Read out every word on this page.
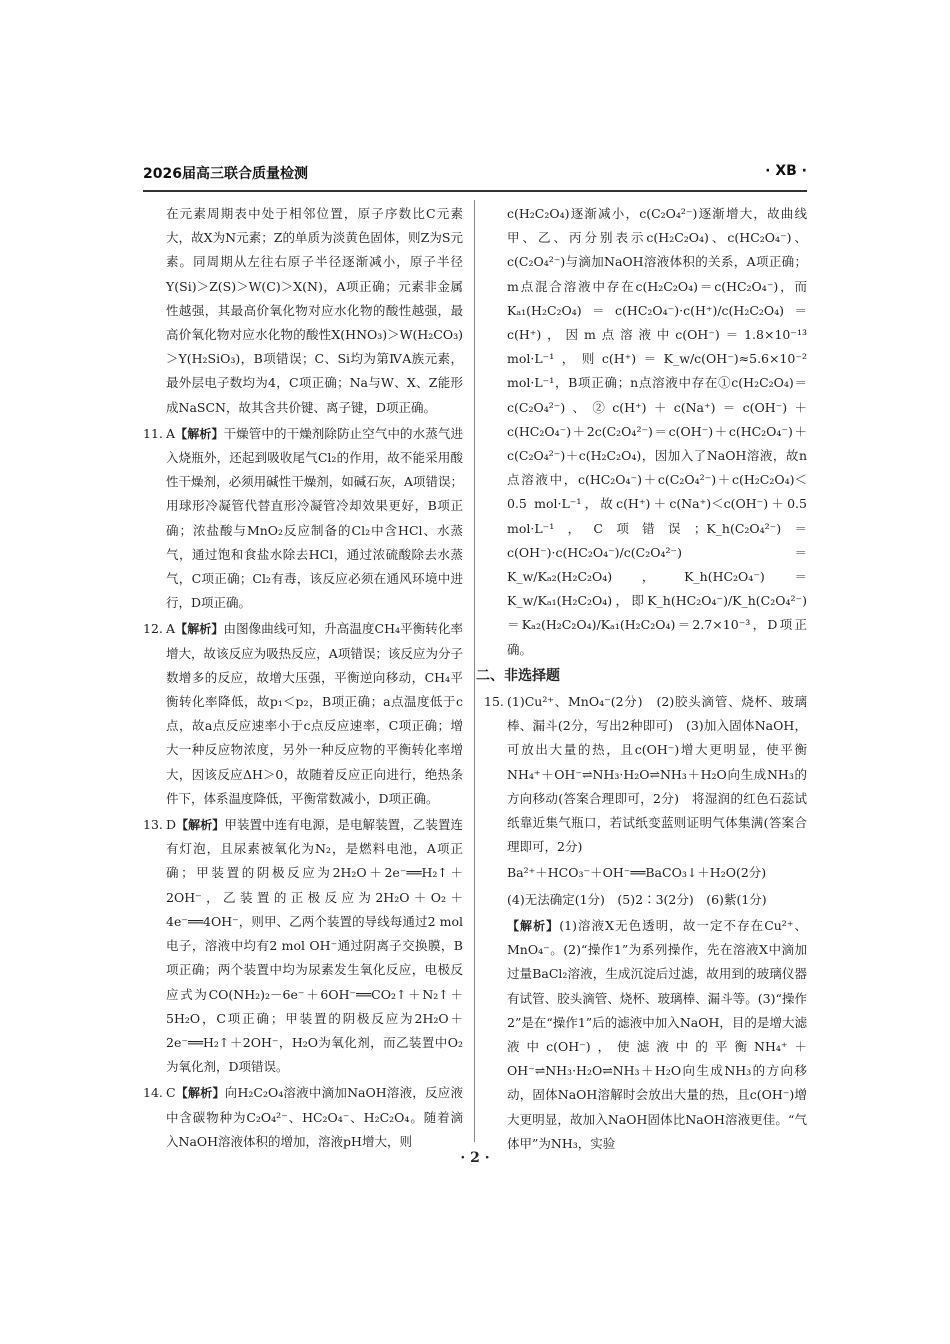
2026届高三联合质量检测	· XB ·

在元素周期表中处于相邻位置，原子序数比C元素大，故X为N元素；Z的单质为淡黄色固体，则Z为S元素。同周期从左往右原子半径逐渐减小，原子半径Y(Si)＞Z(S)＞W(C)＞X(N)，A项正确；元素非金属性越强，其最高价氧化物对应水化物的酸性越强，最高价氧化物对应水化物的酸性X(HNO₃)＞W(H₂CO₃)＞Y(H₂SiO₃)，B项错误；C、Si均为第ⅣA族元素，最外层电子数均为4，C项正确；Na与W、X、Z能形成NaSCN，故其含共价键、离子键，D项正确。

11. A【解析】干燥管中的干燥剂除防止空气中的水蒸气进入烧瓶外，还起到吸收尾气Cl₂的作用，故不能采用酸性干燥剂，必须用碱性干燥剂，如碱石灰，A项错误；用球形冷凝管代替直形冷凝管冷却效果更好，B项正确；浓盐酸与MnO₂反应制备的Cl₂中含HCl、水蒸气，通过饱和食盐水除去HCl，通过浓硫酸除去水蒸气，C项正确；Cl₂有毒，该反应必须在通风环境中进行，D项正确。
12. A【解析】由图像曲线可知，升高温度CH₄平衡转化率增大，故该反应为吸热反应，A项错误；该反应为分子数增多的反应，故增大压强，平衡逆向移动，CH₄平衡转化率降低，故p₁＜p₂，B项正确；a点温度低于c点，故a点反应速率小于c点反应速率，C项正确；增大一种反应物浓度，另外一种反应物的平衡转化率增大，因该反应ΔH＞0，故随着反应正向进行，绝热条件下，体系温度降低，平衡常数减小，D项正确。
13. D【解析】甲装置中连有电源，是电解装置，乙装置连有灯泡，且尿素被氧化为N₂，是燃料电池，A项正确；甲装置的阴极反应为2H₂O＋2e⁻══H₂↑＋2OH⁻，乙装置的正极反应为2H₂O＋O₂＋4e⁻══4OH⁻，则甲、乙两个装置的导线每通过2 mol电子，溶液中均有2 mol OH⁻通过阴离子交换膜，B项正确；两个装置中均为尿素发生氧化反应，电极反应式为CO(NH₂)₂－6e⁻＋6OH⁻══CO₂↑＋N₂↑＋5H₂O，C项正确；甲装置的阴极反应为2H₂O＋2e⁻══H₂↑＋2OH⁻，H₂O为氧化剂，而乙装置中O₂为氧化剂，D项错误。
14. C【解析】向H₂C₂O₄溶液中滴加NaOH溶液，反应液中含碳物种为C₂O₄²⁻、HC₂O₄⁻、H₂C₂O₄。随着滴入NaOH溶液体积的增加，溶液pH增大，则

c(H₂C₂O₄)逐渐减小，c(C₂O₄²⁻)逐渐增大，故曲线甲、乙、丙分别表示c(H₂C₂O₄)、c(HC₂O₄⁻)、c(C₂O₄²⁻)与滴加NaOH溶液体积的关系，A项正确；m点混合溶液中存在c(H₂C₂O₄)＝c(HC₂O₄⁻)，而Kₐ₁(H₂C₂O₄)＝c(HC₂O₄⁻)·c(H⁺)/c(H₂C₂O₄)＝c(H⁺)，因m点溶液中c(OH⁻)＝1.8×10⁻¹³ mol·L⁻¹，则c(H⁺)＝K_w/c(OH⁻)≈5.6×10⁻² mol·L⁻¹，B项正确；n点溶液中存在①c(H₂C₂O₄)＝c(C₂O₄²⁻)、②c(H⁺)＋c(Na⁺)＝c(OH⁻)＋c(HC₂O₄⁻)＋2c(C₂O₄²⁻)＝c(OH⁻)＋c(HC₂O₄⁻)＋c(C₂O₄²⁻)＋c(H₂C₂O₄)，因加入了NaOH溶液，故n点溶液中，c(HC₂O₄⁻)＋c(C₂O₄²⁻)＋c(H₂C₂O₄)＜0.5 mol·L⁻¹，故c(H⁺)＋c(Na⁺)＜c(OH⁻)＋0.5 mol·L⁻¹，C项错误；K_h(C₂O₄²⁻)＝c(OH⁻)·c(HC₂O₄⁻)/c(C₂O₄²⁻)＝K_w/Kₐ₂(H₂C₂O₄)，K_h(HC₂O₄⁻)＝K_w/Kₐ₁(H₂C₂O₄)，即K_h(HC₂O₄⁻)/K_h(C₂O₄²⁻)＝Kₐ₂(H₂C₂O₄)/Kₐ₁(H₂C₂O₄)＝2.7×10⁻³，D项正确。

二、非选择题
15. (1)Cu²⁺、MnO₄⁻(2分)　(2)胶头滴管、烧杯、玻璃棒、漏斗(2分，写出2种即可)　(3)加入固体NaOH，可放出大量的热，且c(OH⁻)增大更明显，使平衡NH₄⁺＋OH⁻⇌NH₃·H₂O⇌NH₃＋H₂O向生成NH₃的方向移动(答案合理即可，2分)　将湿润的红色石蕊试纸靠近集气瓶口，若试纸变蓝则证明气体集满(答案合理即可，2分)

Ba²⁺＋HCO₃⁻＋OH⁻══BaCO₃↓＋H₂O(2分)

(4)无法确定(1分)　(5)2∶3(2分)　(6)紫(1分)

【解析】(1)溶液X无色透明，故一定不存在Cu²⁺、MnO₄⁻。(2)“操作1”为系列操作，先在溶液X中滴加过量BaCl₂溶液，生成沉淀后过滤，故用到的玻璃仪器有试管、胶头滴管、烧杯、玻璃棒、漏斗等。(3)“操作2”是在“操作1”后的滤液中加入NaOH，目的是增大滤液中c(OH⁻)，使滤液中的平衡NH₄⁺＋OH⁻⇌NH₃·H₂O⇌NH₃＋H₂O向生成NH₃的方向移动，固体NaOH溶解时会放出大量的热，且c(OH⁻)增大更明显，故加入NaOH固体比NaOH溶液更佳。“气体甲”为NH₃，实验

· 2 ·
